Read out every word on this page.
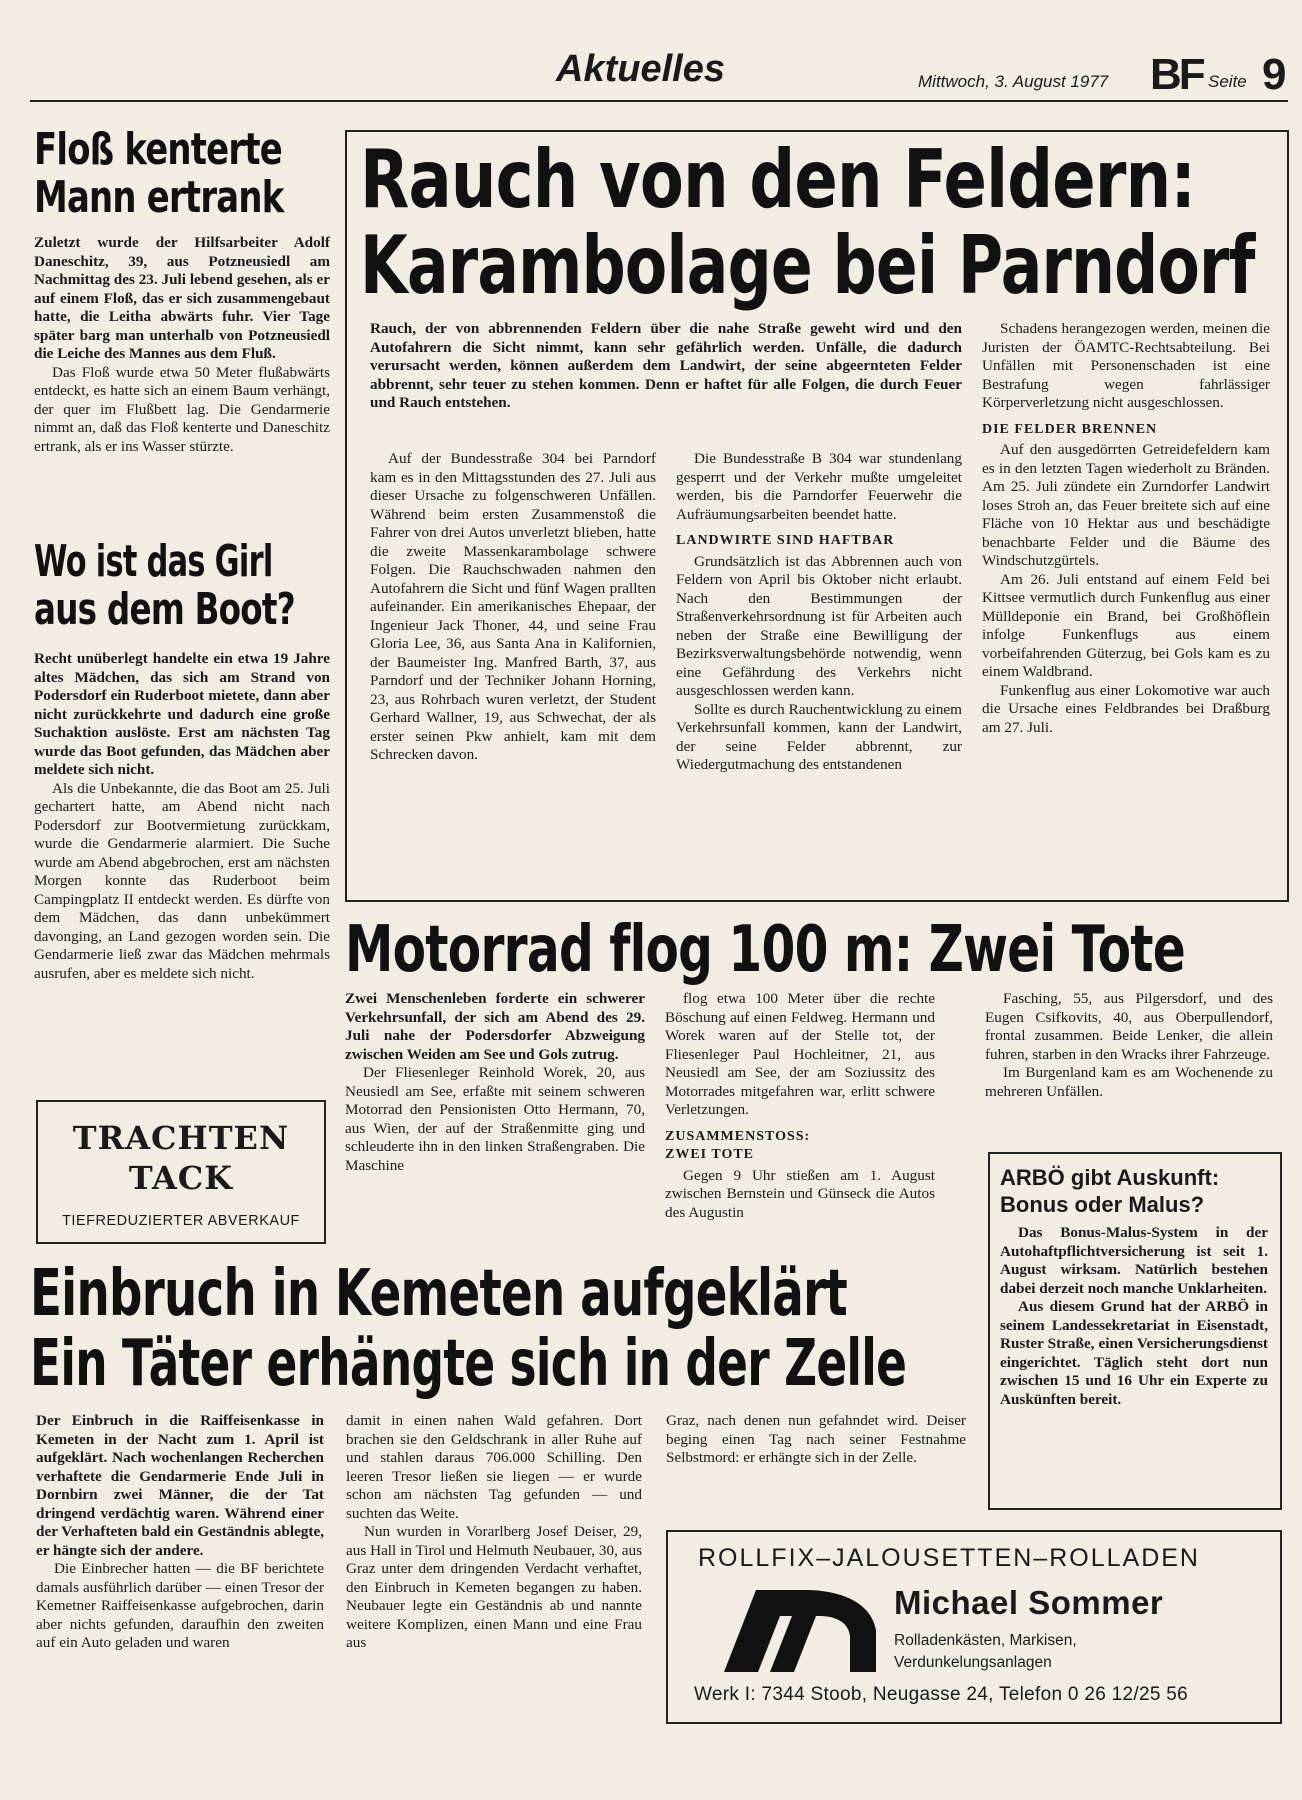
Aktuelles	Mittwoch, 3. August 1977 BF Seite 9
Floß kenterte
Mann ertrank

Zuletzt wurde der Hilfsarbeiter Adolf Daneschitz, 39, aus Potzneusiedl am Nachmittag des 23. Juli lebend gesehen, als er auf einem Floß, das er sich zusammengebaut hatte, die Leitha abwärts fuhr. Vier Tage später barg man unterhalb von Potzneusiedl die Leiche des Mannes aus dem Fluß.

Das Floß wurde etwa 50 Meter flußabwärts entdeckt, es hatte sich an einem Baum verhängt, der quer im Flußbett lag. Die Gendarmerie nimmt an, daß das Floß kenterte und Daneschitz ertrank, als er ins Wasser stürzte.

Wo ist das Girl
aus dem Boot?

Recht unüberlegt handelte ein etwa 19 Jahre altes Mädchen, das sich am Strand von Podersdorf ein Ruderboot mietete, dann aber nicht zurückkehrte und dadurch eine große Suchaktion auslöste. Erst am nächsten Tag wurde das Boot gefunden, das Mädchen aber meldete sich nicht.

Als die Unbekannte, die das Boot am 25. Juli gechartert hatte, am Abend nicht nach Podersdorf zur Bootvermietung zurückkam, wurde die Gendarmerie alarmiert. Die Suche wurde am Abend abgebrochen, erst am nächsten Morgen konnte das Ruderboot beim Campingplatz II entdeckt werden. Es dürfte von dem Mädchen, das dann unbekümmert davonging, an Land gezogen worden sein. Die Gendarmerie ließ zwar das Mädchen mehrmals ausrufen, aber es meldete sich nicht.

TRACHTEN TACK
TIEFREDUZIERTER ABVERKAUF
Rauch von den Feldern:
Karambolage bei Parndorf

Rauch, der von abbrennenden Feldern über die nahe Straße geweht wird und den Autofahrern die Sicht nimmt, kann sehr gefährlich werden. Unfälle, die dadurch verursacht werden, können außerdem dem Landwirt, der seine abgeernteten Felder abbrennt, sehr teuer zu stehen kommen. Denn er haftet für alle Folgen, die durch Feuer und Rauch entstehen.

Auf der Bundesstraße 304 bei Parndorf kam es in den Mittagsstunden des 27. Juli aus dieser Ursache zu folgenschweren Unfällen. Während beim ersten Zusammenstoß die Fahrer von drei Autos unverletzt blieben, hatte die zweite Massenkarambolage schwere Folgen. Die Rauchschwaden nahmen den Autofahrern die Sicht und fünf Wagen prallten aufeinander. Ein amerikanisches Ehepaar, der Ingenieur Jack Thoner, 44, und seine Frau Gloria Lee, 36, aus Santa Ana in Kalifornien, der Baumeister Ing. Manfred Barth, 37, aus Parndorf und der Techniker Johann Horning, 23, aus Rohrbach wuren verletzt, der Student Gerhard Wallner, 19, aus Schwechat, der als erster seinen Pkw anhielt, kam mit dem Schrecken davon.

Die Bundesstraße B 304 war stundenlang gesperrt und der Verkehr mußte umgeleitet werden, bis die Parndorfer Feuerwehr die Aufräumungsarbeiten beendet hatte.

LANDWIRTE SIND HAFTBAR

Grundsätzlich ist das Abbrennen auch von Feldern von April bis Oktober nicht erlaubt. Nach den Bestimmungen der Straßenverkehrsordnung ist für Arbeiten auch neben der Straße eine Bewilligung der Bezirksverwaltungsbehörde notwendig, wenn eine Gefährdung des Verkehrs nicht ausgeschlossen werden kann.

Sollte es durch Rauchentwicklung zu einem Verkehrsunfall kommen, kann der Landwirt, der seine Felder abbrennt, zur Wiedergutmachung des entstandenen

Schadens herangezogen werden, meinen die Juristen der ÖAMTC-Rechtsabteilung. Bei Unfällen mit Personenschaden ist eine Bestrafung wegen fahrlässiger Körperverletzung nicht ausgeschlossen.

DIE FELDER BRENNEN

Auf den ausgedörrten Getreidefeldern kam es in den letzten Tagen wiederholt zu Bränden. Am 25. Juli zündete ein Zurndorfer Landwirt loses Stroh an, das Feuer breitete sich auf eine Fläche von 10 Hektar aus und beschädigte benachbarte Felder und die Bäume des Windschutzgürtels.

Am 26. Juli entstand auf einem Feld bei Kittsee vermutlich durch Funkenflug aus einer Mülldeponie ein Brand, bei Großhöflein infolge Funkenflugs aus einem vorbeifahrenden Güterzug, bei Gols kam es zu einem Waldbrand.

Funkenflug aus einer Lokomotive war auch die Ursache eines Feldbrandes bei Draßburg am 27. Juli.

Motorrad flog 100 m: Zwei Tote

Zwei Menschenleben forderte ein schwerer Verkehrsunfall, der sich am Abend des 29. Juli nahe der Podersdorfer Abzweigung zwischen Weiden am See und Gols zutrug.

Der Fliesenleger Reinhold Worek, 20, aus Neusiedl am See, erfaßte mit seinem schweren Motorrad den Pensionisten Otto Hermann, 70, aus Wien, der auf der Straßenmitte ging und schleuderte ihn in den linken Straßengraben. Die Maschine

flog etwa 100 Meter über die rechte Böschung auf einen Feldweg. Hermann und Worek waren auf der Stelle tot, der Fliesenleger Paul Hochleitner, 21, aus Neusiedl am See, der am Soziussitz des Motorrades mitgefahren war, erlitt schwere Verletzungen.

ZUSAMMENSTOSS:
ZWEI TOTE

Gegen 9 Uhr stießen am 1. August zwischen Bernstein und Günseck die Autos des Augustin

Fasching, 55, aus Pilgersdorf, und des Eugen Csifkovits, 40, aus Oberpullendorf, frontal zusammen. Beide Lenker, die allein fuhren, starben in den Wracks ihrer Fahrzeuge.

Im Burgenland kam es am Wochenende zu mehreren Unfällen.

ARBÖ gibt Auskunft:
Bonus oder Malus?

Das Bonus-Malus-System in der Autohaftpflichtversicherung ist seit 1. August wirksam. Natürlich bestehen dabei derzeit noch manche Unklarheiten.

Aus diesem Grund hat der ARBÖ in seinem Landessekretariat in Eisenstadt, Ruster Straße, einen Versicherungsdienst eingerichtet. Täglich steht dort nun zwischen 15 und 16 Uhr ein Experte zu Auskünften bereit.

Einbruch in Kemeten aufgeklärt
Ein Täter erhängte sich in der Zelle

Der Einbruch in die Raiffeisenkasse in Kemeten in der Nacht zum 1. April ist aufgeklärt. Nach wochenlangen Recherchen verhaftete die Gendarmerie Ende Juli in Dornbirn zwei Männer, die der Tat dringend verdächtig waren. Während einer der Verhafteten bald ein Geständnis ablegte, er hängte sich der andere.

Die Einbrecher hatten — die BF berichtete damals ausführlich darüber — einen Tresor der Kemetner Raiffeisenkasse aufgebrochen, darin aber nichts gefunden, daraufhin den zweiten auf ein Auto geladen und waren

damit in einen nahen Wald gefahren. Dort brachen sie den Geldschrank in aller Ruhe auf und stahlen daraus 706.000 Schilling. Den leeren Tresor ließen sie liegen — er wurde schon am nächsten Tag gefunden — und suchten das Weite.

Nun wurden in Vorarlberg Josef Deiser, 29, aus Hall in Tirol und Helmuth Neubauer, 30, aus Graz unter dem dringenden Verdacht verhaftet, den Einbruch in Kemeten begangen zu haben. Neubauer legte ein Geständnis ab und nannte weitere Komplizen, einen Mann und eine Frau aus

Graz, nach denen nun gefahndet wird. Deiser beging einen Tag nach seiner Festnahme Selbstmord: er erhängte sich in der Zelle.

ROLLFIX–JALOUSETTEN–ROLLADEN
Michael Sommer
Rolladenkästen, Markisen,
Verdunkelungsanlagen
Werk I: 7344 Stoob, Neugasse 24, Telefon 0 26 12/25 56
